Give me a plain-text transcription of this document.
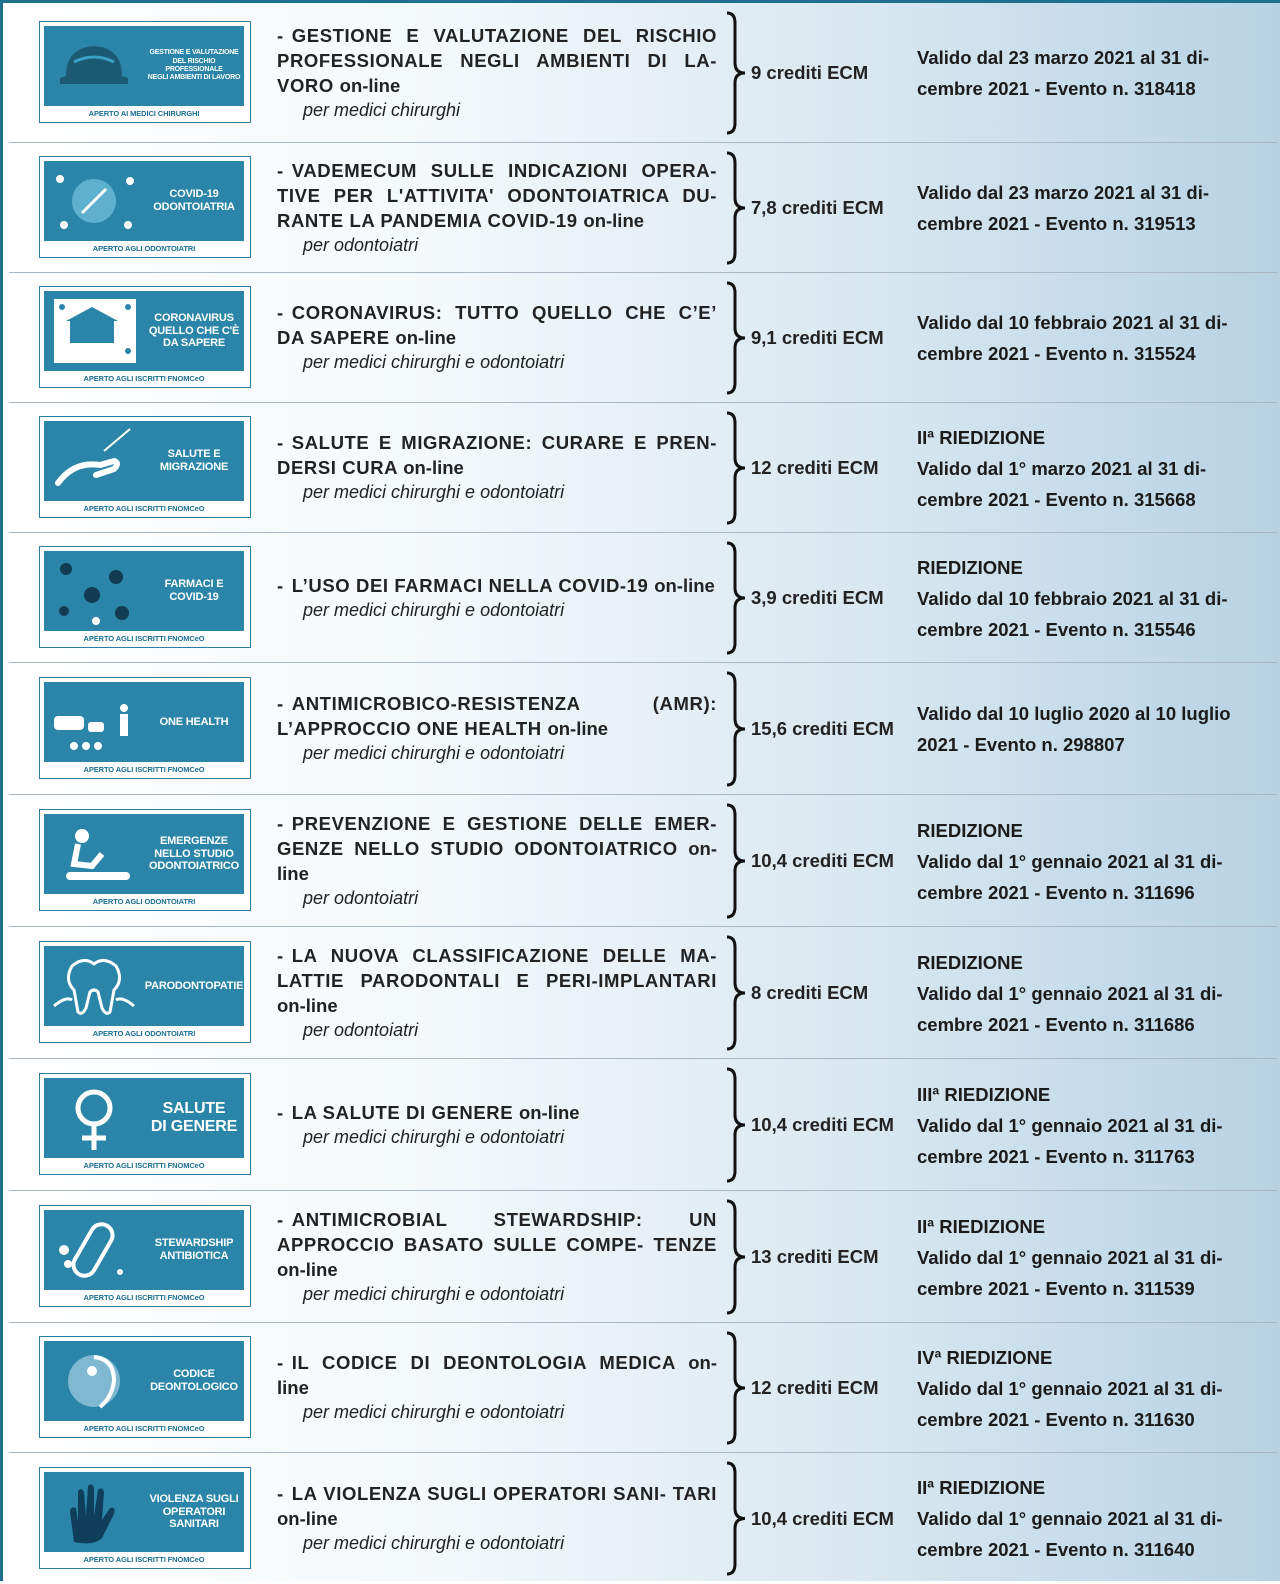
GESTIONE E VALUTAZIONE
DEL RISCHIO PROFESSIONALE
NEGLI AMBIENTI DI LAVORO
APERTO AI MEDICI CHIRURGHI
- GESTIONE E VALUTAZIONE DEL RISCHIO PROFESSIONALE NEGLI AMBIENTI DI LA-VORO on-line
per medici chirurghi
9 crediti ECM
Valido dal 23 marzo 2021 al 31 di-
cembre 2021 - Evento n. 318418
COVID-19
ODONTOIATRIA
APERTO AGLI ODONTOIATRI
- VADEMECUM SULLE INDICAZIONI OPERA- TIVE PER L'ATTIVITA' ODONTOIATRICA DU- RANTE LA PANDEMIA COVID-19 on-line
per odontoiatri
7,8 crediti ECM
Valido dal 23 marzo 2021 al 31 di-
cembre 2021 - Evento n. 319513
CORONAVIRUS
QUELLO CHE C'È
DA SAPERE
APERTO AGLI ISCRITTI FNOMCeO
- CORONAVIRUS: TUTTO QUELLO CHE C’E’ DA SAPERE on-line
per medici chirurghi e odontoiatri
9,1 crediti ECM
Valido dal 10 febbraio 2021 al 31 di-
cembre 2021 - Evento n. 315524
SALUTE E
MIGRAZIONE
APERTO AGLI ISCRITTI FNOMCeO
- SALUTE E MIGRAZIONE: CURARE E PREN- DERSI CURA on-line
per medici chirurghi e odontoiatri
12 crediti ECM
IIª RIEDIZIONE
Valido dal 1° marzo 2021 al 31 di-
cembre 2021 - Evento n. 315668
FARMACI E
COVID-19
APERTO AGLI ISCRITTI FNOMCeO
- L’USO DEI FARMACI NELLA COVID-19 on-line
per medici chirurghi e odontoiatri
3,9 crediti ECM
RIEDIZIONE
Valido dal 10 febbraio 2021 al 31 di-
cembre 2021 - Evento n. 315546
ONE HEALTH
APERTO AGLI ISCRITTI FNOMCeO
- ANTIMICROBICO-RESISTENZA (AMR): L’APPROCCIO ONE HEALTH on-line
per medici chirurghi e odontoiatri
15,6 crediti ECM
Valido dal 10 luglio 2020 al 10 luglio
2021 - Evento n. 298807
EMERGENZE
NELLO STUDIO
ODONTOIATRICO
APERTO AGLI ODONTOIATRI
- PREVENZIONE E GESTIONE DELLE EMER- GENZE NELLO STUDIO ODONTOIATRICO on-line
per odontoiatri
10,4 crediti ECM
RIEDIZIONE
Valido dal 1° gennaio 2021 al 31 di-
cembre 2021 - Evento n. 311696
PARODONTOPATIE
APERTO AGLI ODONTOIATRI
- LA NUOVA CLASSIFICAZIONE DELLE MA- LATTIE PARODONTALI E PERI-IMPLANTARI on-line
per odontoiatri
8 crediti ECM
RIEDIZIONE
Valido dal 1° gennaio 2021 al 31 di-
cembre 2021 - Evento n. 311686
SALUTE
DI GENERE
APERTO AGLI ISCRITTI FNOMCeO
- LA SALUTE DI GENERE on-line
per medici chirurghi e odontoiatri
10,4 crediti ECM
IIIª RIEDIZIONE
Valido dal 1° gennaio 2021 al 31 di-
cembre 2021 - Evento n. 311763
STEWARDSHIP
ANTIBIOTICA
APERTO AGLI ISCRITTI FNOMCeO
- ANTIMICROBIAL STEWARDSHIP: UN APPROCCIO BASATO SULLE COMPE- TENZE on-line
per medici chirurghi e odontoiatri
13 crediti ECM
IIª RIEDIZIONE
Valido dal 1° gennaio 2021 al 31 di-
cembre 2021 - Evento n. 311539
CODICE
DEONTOLOGICO
APERTO AGLI ISCRITTI FNOMCeO
- IL CODICE DI DEONTOLOGIA MEDICA on- line
per medici chirurghi e odontoiatri
12 crediti ECM
IVª RIEDIZIONE
Valido dal 1° gennaio 2021 al 31 di-
cembre 2021 - Evento n. 311630
VIOLENZA SUGLI
OPERATORI SANITARI
APERTO AGLI ISCRITTI FNOMCeO
- LA VIOLENZA SUGLI OPERATORI SANI- TARI on-line
per medici chirurghi e odontoiatri
10,4 crediti ECM
IIª RIEDIZIONE
Valido dal 1° gennaio 2021 al 31 di-
cembre 2021 - Evento n. 311640
